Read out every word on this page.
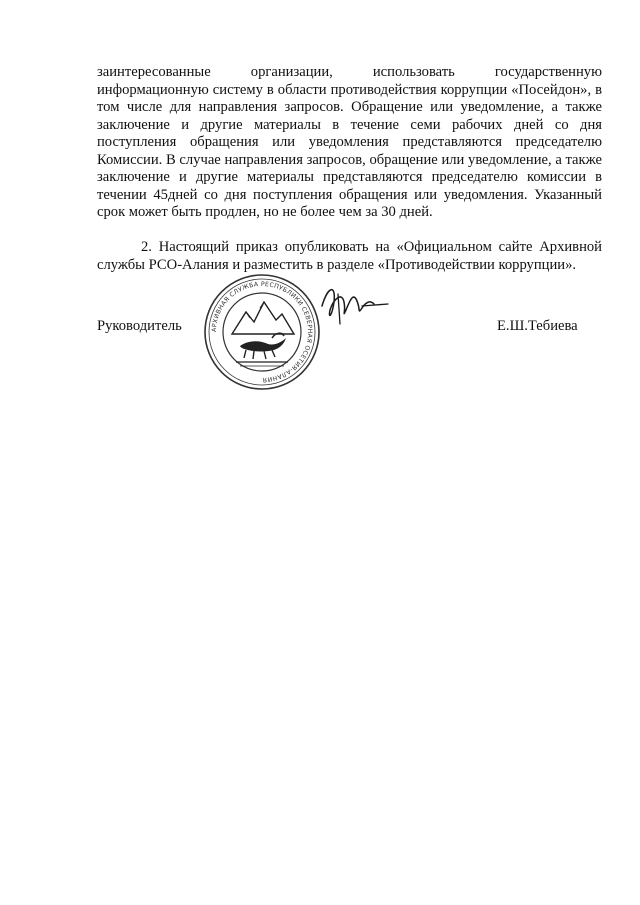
заинтересованные организации, использовать государственную информационную систему в области противодействия коррупции «Посейдон», в том числе для направления запросов. Обращение или уведомление, а также заключение и другие материалы в течение семи рабочих дней со дня поступления обращения или уведомления представляются председателю Комиссии. В случае направления запросов, обращение или уведомление, а также заключение и другие материалы представляются председателю комиссии в течении 45дней со дня поступления обращения или уведомления. Указанный срок может быть продлен, но не более чем за 30 дней.

2. Настоящий приказ опубликовать на «Официальном сайте Архивной службы РСО-Алания и разместить в разделе «Противодействии коррупции».

Руководитель	АРХИВНАЯ СЛУЖБА РЕСПУБЛИКИ СЕВЕРНАЯ ОСЕТИЯ-АЛАНИЯ
Е.Ш.Тебиева
